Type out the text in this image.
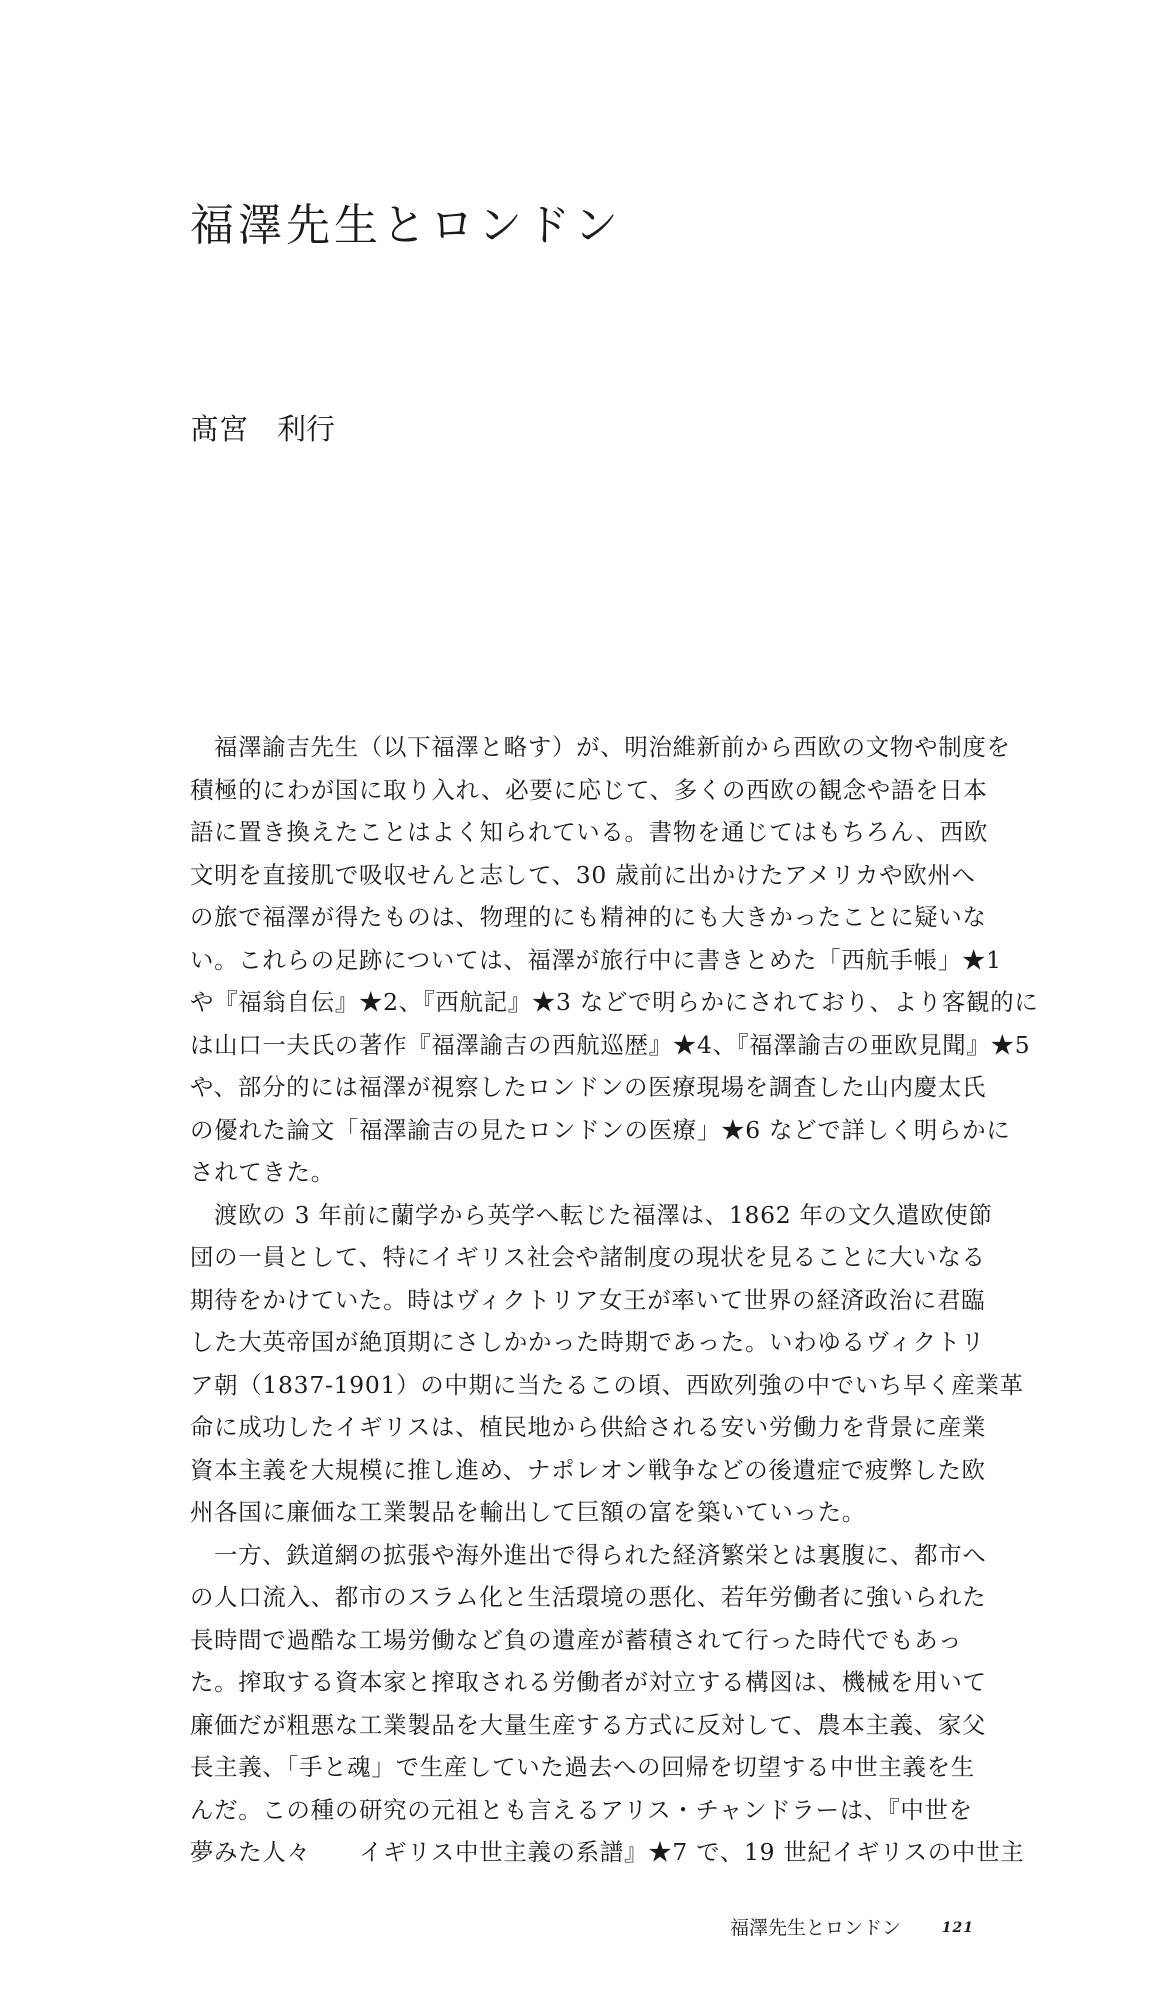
福澤先生とロンドン
髙宮　利行
福澤諭吉先生（以下福澤と略す）が、明治維新前から西欧の文物や制度を
積極的にわが国に取り入れ、必要に応じて、多くの西欧の観念や語を日本
語に置き換えたことはよく知られている。書物を通じてはもちろん、西欧
文明を直接肌で吸収せんと志して、30 歳前に出かけたアメリカや欧州へ
の旅で福澤が得たものは、物理的にも精神的にも大きかったことに疑いな
い。これらの足跡については、福澤が旅行中に書きとめた「西航手帳」★1
や『福翁自伝』★2、『西航記』★3 などで明らかにされており、より客観的に
は山口一夫氏の著作『福澤諭吉の西航巡歴』★4、『福澤諭吉の亜欧見聞』★5
や、部分的には福澤が視察したロンドンの医療現場を調査した山内慶太氏
の優れた論文「福澤諭吉の見たロンドンの医療」★6 などで詳しく明らかに
されてきた。
渡欧の 3 年前に蘭学から英学へ転じた福澤は、1862 年の文久遣欧使節
団の一員として、特にイギリス社会や諸制度の現状を見ることに大いなる
期待をかけていた。時はヴィクトリア女王が率いて世界の経済政治に君臨
した大英帝国が絶頂期にさしかかった時期であった。いわゆるヴィクトリ
ア朝（1837-1901）の中期に当たるこの頃、西欧列強の中でいち早く産業革
命に成功したイギリスは、植民地から供給される安い労働力を背景に産業
資本主義を大規模に推し進め、ナポレオン戦争などの後遺症で疲弊した欧
州各国に廉価な工業製品を輸出して巨額の富を築いていった。
一方、鉄道網の拡張や海外進出で得られた経済繁栄とは裏腹に、都市へ
の人口流入、都市のスラム化と生活環境の悪化、若年労働者に強いられた
長時間で過酷な工場労働など負の遺産が蓄積されて行った時代でもあっ
た。搾取する資本家と搾取される労働者が対立する構図は、機械を用いて
廉価だが粗悪な工業製品を大量生産する方式に反対して、農本主義、家父
長主義、「手と魂」で生産していた過去への回帰を切望する中世主義を生
んだ。この種の研究の元祖とも言えるアリス・チャンドラーは、『中世を
夢みた人々　　イギリス中世主義の系譜』★7 で、19 世紀イギリスの中世主
福澤先生とロンドン	121
